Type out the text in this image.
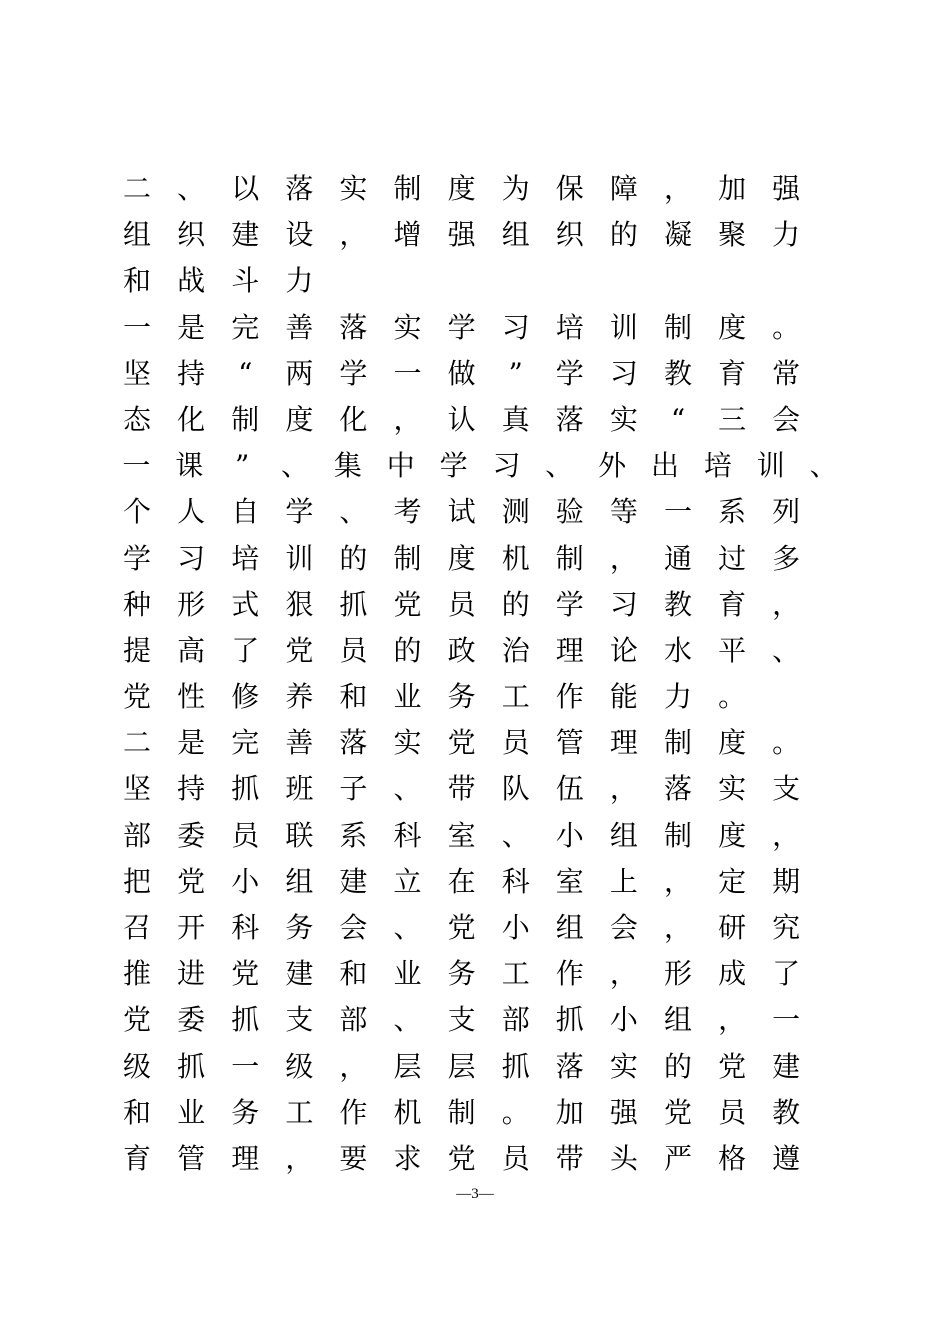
二 、 以 落 实 制 度 为 保 障 ， 加 强
组 织 建 设 ， 增 强 组 织 的 凝 聚 力
和 战 斗 力
一 是 完 善 落 实 学 习 培 训 制 度 。
坚 持	“	两 学 一 做	”	学 习 教 育 常
态 化 制 度 化 ， 认 真 落 实	“	三 会
一 课	”	、 集 中 学 习 、 外 出 培 训 、
个 人 自 学 、 考 试 测 验 等 一 系 列
学 习 培 训 的 制 度 机 制 ， 通 过 多
种 形 式 狠 抓 党 员 的 学 习 教 育 ，
提 高 了 党 员 的 政 治 理 论 水 平 、
党 性 修 养 和 业 务 工 作 能 力 。
二 是 完 善 落 实 党 员 管 理 制 度 。
坚 持 抓 班 子 、 带 队 伍 ， 落 实 支
部 委 员 联 系 科 室 、 小 组 制 度 ，
把 党 小 组 建 立 在 科 室 上 ， 定 期
召 开 科 务 会 、 党 小 组 会 ， 研 究
推 进 党 建 和 业 务 工 作 ， 形 成 了
党 委 抓 支 部 、 支 部 抓 小 组 ， 一
级 抓 一 级 ， 层 层 抓 落 实 的 党 建
和 业 务 工 作 机 制 。 加 强 党 员 教
育 管 理 ， 要 求 党 员 带 头 严 格 遵
—3—
